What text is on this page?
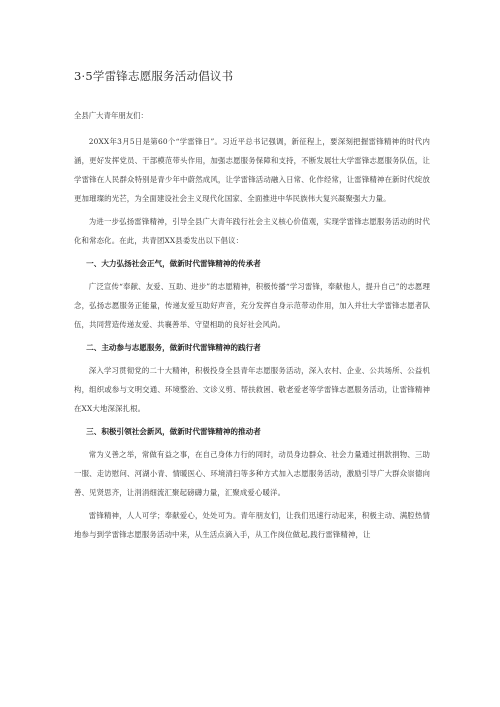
3·5学雷锋志愿服务活动倡议书
全县广大青年朋友们：

20XX年3月5日是第60个“学雷锋日”。习近平总书记强调，新征程上，要深刻把握雷锋精神的时代内涵，更好发挥党员、干部模范带头作用，加强志愿服务保障和支持，不断发展壮大学雷锋志愿服务队伍，让学雷锋在人民群众特别是青少年中蔚然成风，让学雷锋活动融入日常、化作经常，让雷锋精神在新时代绽放更加璀璨的光芒，为全面建设社会主义现代化国家、全面推进中华民族伟大复兴凝聚强大力量。

为进一步弘扬雷锋精神，引导全县广大青年践行社会主义核心价值观，实现学雷锋志愿服务活动的时代化和常态化。在此，共青团XX县委发出以下倡议：

一、大力弘扬社会正气，做新时代雷锋精神的传承者

广泛宣传“奉献、友爱、互助、进步”的志愿精神，积极传播“学习雷锋，奉献他人，提升自己”的志愿理念，弘扬志愿服务正能量，传递友爱互助好声音，充分发挥自身示范带动作用，加入并壮大学雷锋志愿者队伍，共同营造传递友爱、共襄善举、守望相助的良好社会风尚。

二、主动参与志愿服务，做新时代雷锋精神的践行者

深入学习贯彻党的二十大精神，积极投身全县青年志愿服务活动，深入农村、企业、公共场所、公益机构，组织或参与文明交通、环境整治、文诊义剪、帮扶救困、敬老爱老等学雷锋志愿服务活动，让雷锋精神在XX大地深深扎根。

三、积极引领社会新风，做新时代雷锋精神的推动者

常为义善之举，常做有益之事，在自己身体力行的同时，动员身边群众、社会力量通过捐款捐物、三助一服、走访慰问、河湖小青、情暖医心、环境清扫等多种方式加入志愿服务活动，激励引导广大群众崇德向善、见贤思齐，让涓涓细流汇聚起磅礴力量，汇聚成爱心暖洋。

雷锋精神，人人可学；奉献爱心，处处可为。青年朋友们，让我们迅速行动起来，积极主动、满腔热情地参与到学雷锋志愿服务活动中来，从生活点滴入手，从工作岗位做起,践行雷锋精神，让
